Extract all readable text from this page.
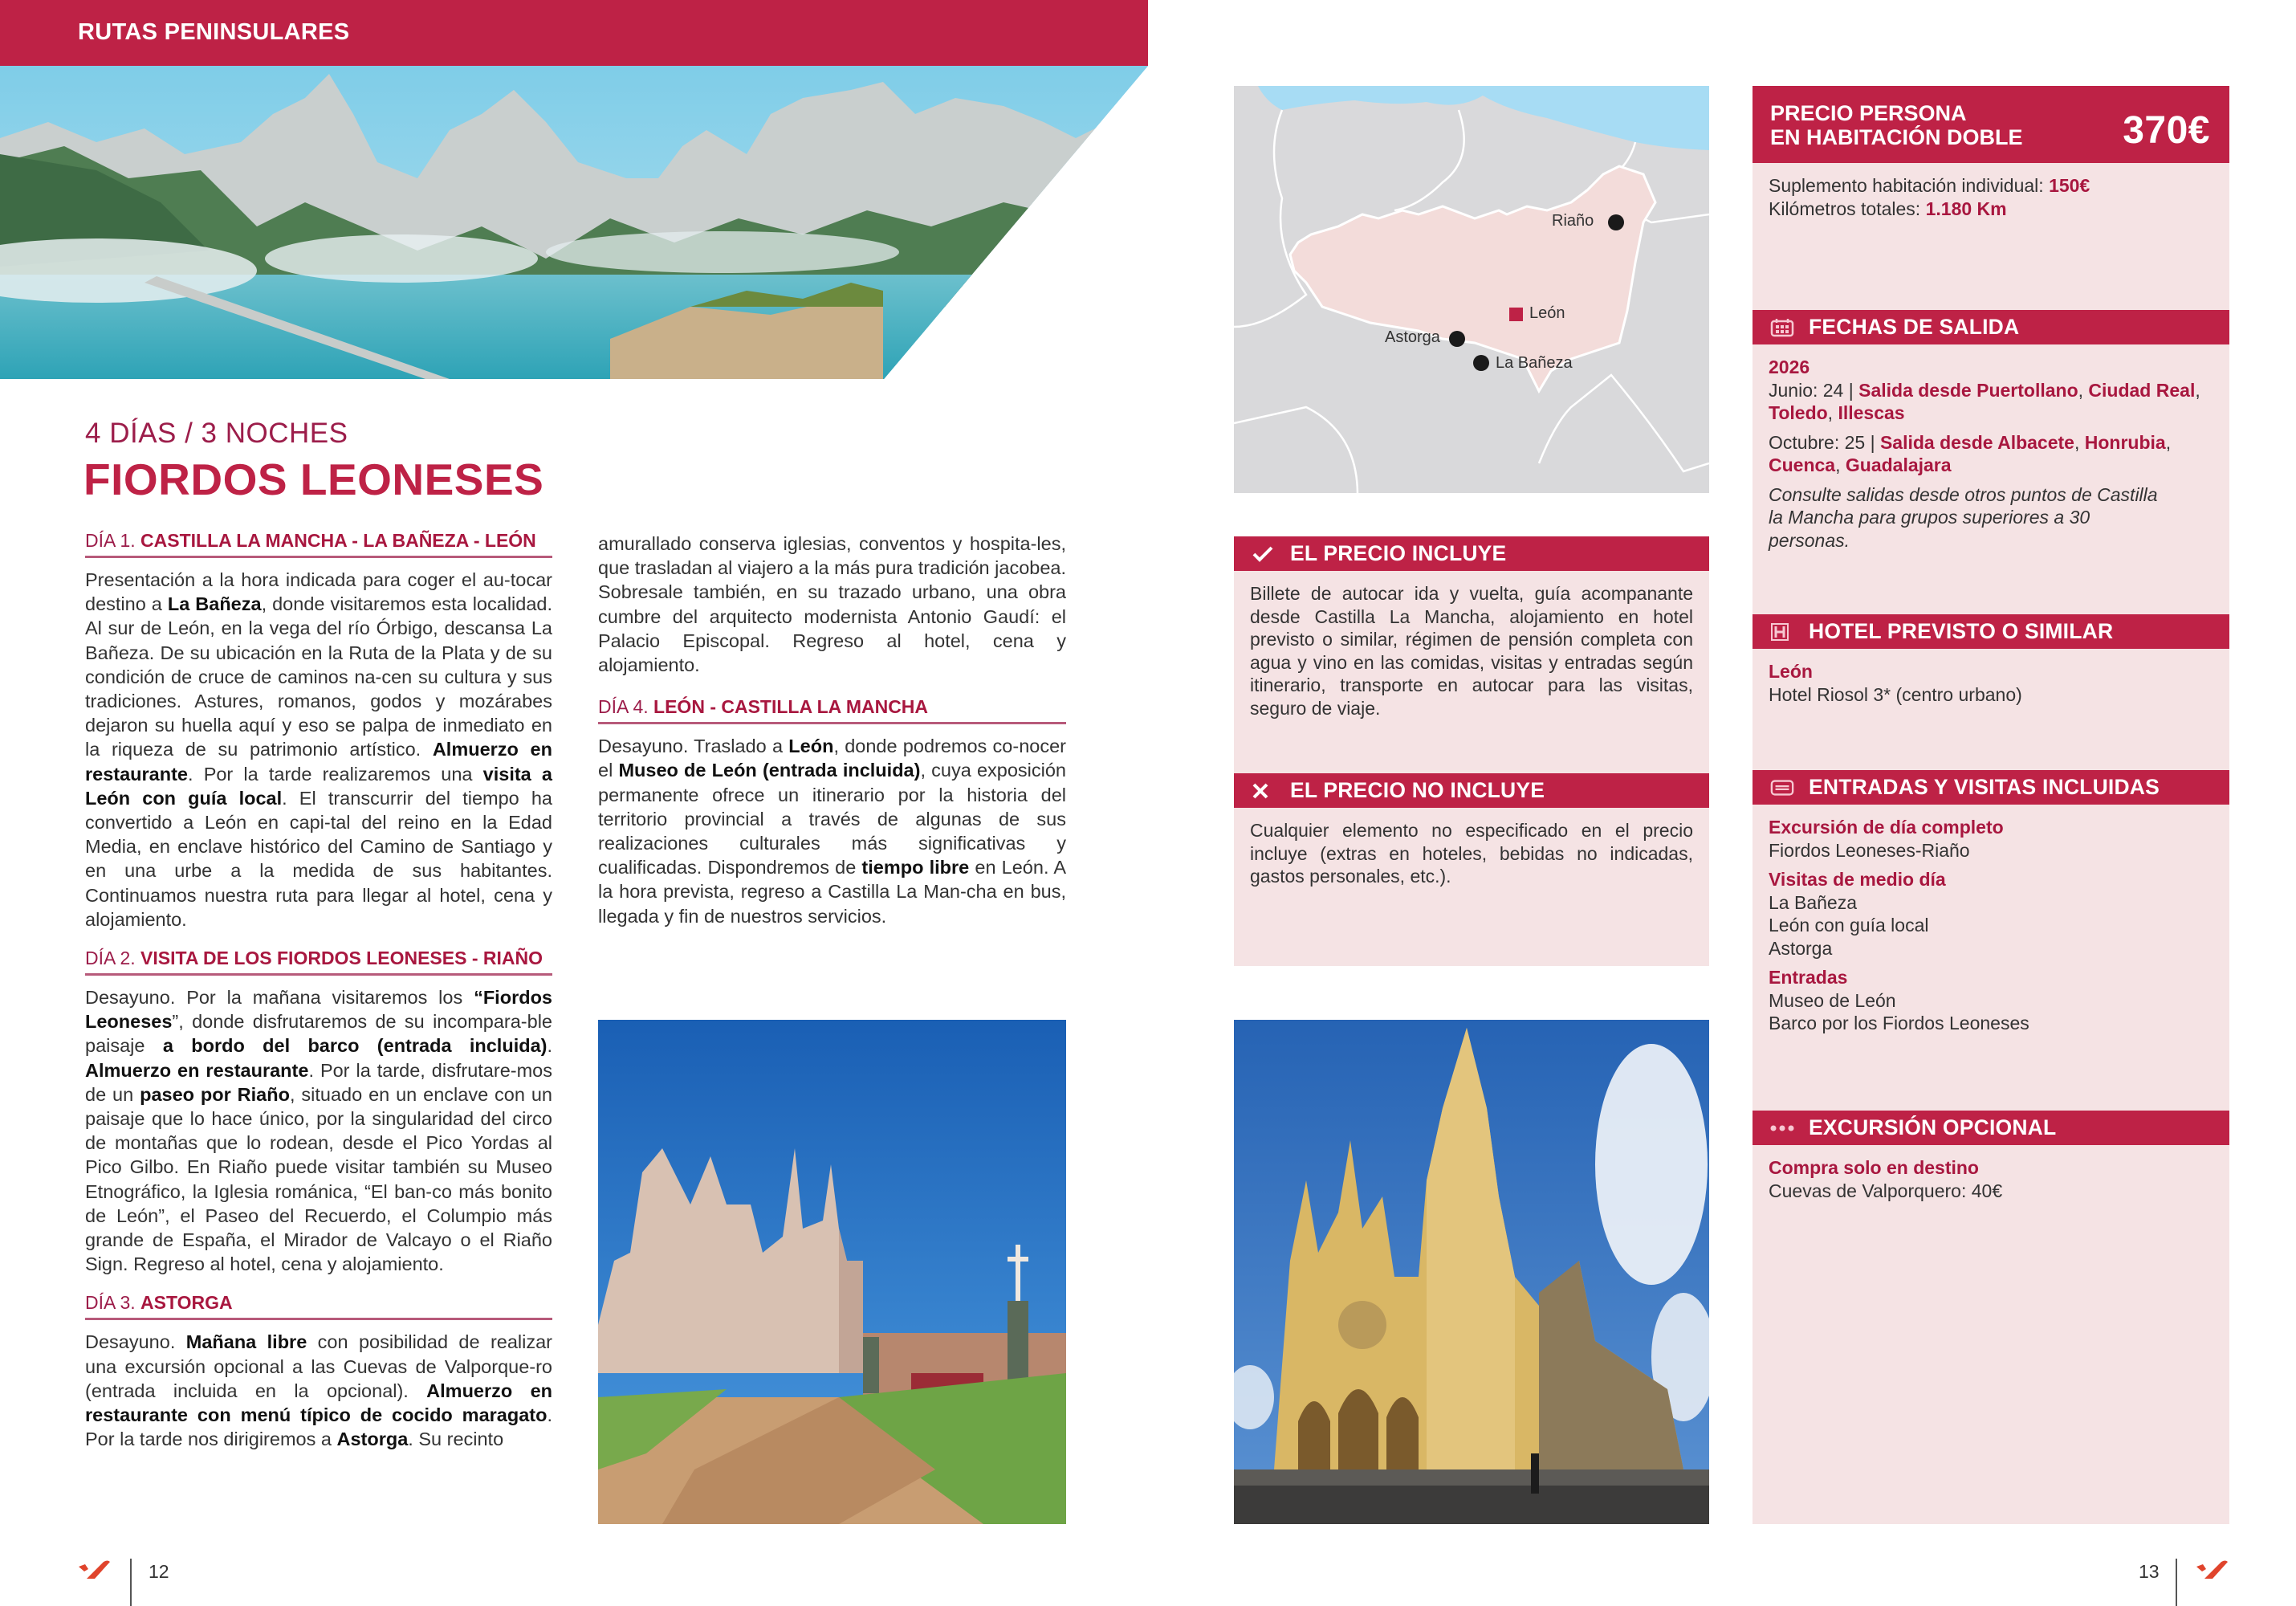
RUTAS PENINSULARES
4 DÍAS / 3 NOCHES
FIORDOS LEONESES
DÍA 1. CASTILLA LA MANCHA - LA BAÑEZA - LEÓN

Presentación a la hora indicada para coger el au-tocar destino a La Bañeza, donde visitaremos esta localidad. Al sur de León, en la vega del río Órbigo, descansa La Bañeza. De su ubicación en la Ruta de la Plata y de su condición de cruce de caminos na-cen su cultura y sus tradiciones. Astures, romanos, godos y mozárabes dejaron su huella aquí y eso se palpa de inmediato en la riqueza de su patrimonio artístico. Almuerzo en restaurante. Por la tarde realizaremos una visita a León con guía local. El transcurrir del tiempo ha convertido a León en capi-tal del reino en la Edad Media, en enclave histórico del Camino de Santiago y en una urbe a la medida de sus habitantes. Continuamos nuestra ruta para llegar al hotel, cena y alojamiento.

DÍA 2. VISITA DE LOS FIORDOS LEONESES - RIAÑO

Desayuno. Por la mañana visitaremos los “Fiordos Leoneses”, donde disfrutaremos de su incompara-ble paisaje a bordo del barco (entrada incluida). Almuerzo en restaurante. Por la tarde, disfrutare-mos de un paseo por Riaño, situado en un enclave con un paisaje que lo hace único, por la singularidad del circo de montañas que lo rodean, desde el Pico Yordas al Pico Gilbo. En Riaño puede visitar también su Museo Etnográfico, la Iglesia románica, “El ban-co más bonito de León”, el Paseo del Recuerdo, el Columpio más grande de España, el Mirador de Valcayo o el Riaño Sign. Regreso al hotel, cena y alojamiento.

DÍA 3. ASTORGA

Desayuno. Mañana libre con posibilidad de realizar una excursión opcional a las Cuevas de Valporque-ro (entrada incluida en la opcional). Almuerzo en restaurante con menú típico de cocido maragato. Por la tarde nos dirigiremos a Astorga. Su recinto

amurallado conserva iglesias, conventos y hospita-les, que trasladan al viajero a la más pura tradición jacobea. Sobresale también, en su trazado urbano, una obra cumbre del arquitecto modernista Antonio Gaudí: el Palacio Episcopal. Regreso al hotel, cena y alojamiento.

DÍA 4. LEÓN - CASTILLA LA MANCHA

Desayuno. Traslado a León, donde podremos co-nocer el Museo de León (entrada incluida), cuya exposición permanente ofrece un itinerario por la historia del territorio provincial a través de algunas de sus realizaciones culturales más significativas y cualificadas. Dispondremos de tiempo libre en León. A la hora prevista, regreso a Castilla La Man-cha en bus, llegada y fin de nuestros servicios.

Riaño
León
Astorga
La Bañeza
EL PRECIO INCLUYE
Billete de autocar ida y vuelta, guía acompanante desde Castilla La Mancha, alojamiento en hotel previsto o similar, régimen de pensión completa con agua y vino en las comidas, visitas y entradas según itinerario, transporte en autocar para las visitas, seguro de viaje.
EL PRECIO NO INCLUYE
Cualquier elemento no especificado en el precio incluye (extras en hoteles, bebidas no indicadas, gastos personales, etc.).
PRECIO PERSONA
EN HABITACIÓN DOBLE	370€
Suplemento habitación individual: 150€
Kilómetros totales: 1.180 Km
FECHAS DE SALIDA
2026
Junio: 24 | Salida desde Puertollano, Ciudad Real, Toledo, Illescas
Octubre: 25 | Salida desde Albacete, Honrubia, Cuenca, Guadalajara
Consulte salidas desde otros puntos de Castilla la Mancha para grupos superiores a 30 personas.
HOTEL PREVISTO O SIMILAR
León
Hotel Riosol 3* (centro urbano)
ENTRADAS Y VISITAS INCLUIDAS
Excursión de día completo
Fiordos Leoneses-Riaño
Visitas de medio día
La Bañeza
León con guía local
Astorga
Entradas
Museo de León
Barco por los Fiordos Leoneses
EXCURSIÓN OPCIONAL
Compra solo en destino
Cuevas de Valporquero: 40€
12	13
